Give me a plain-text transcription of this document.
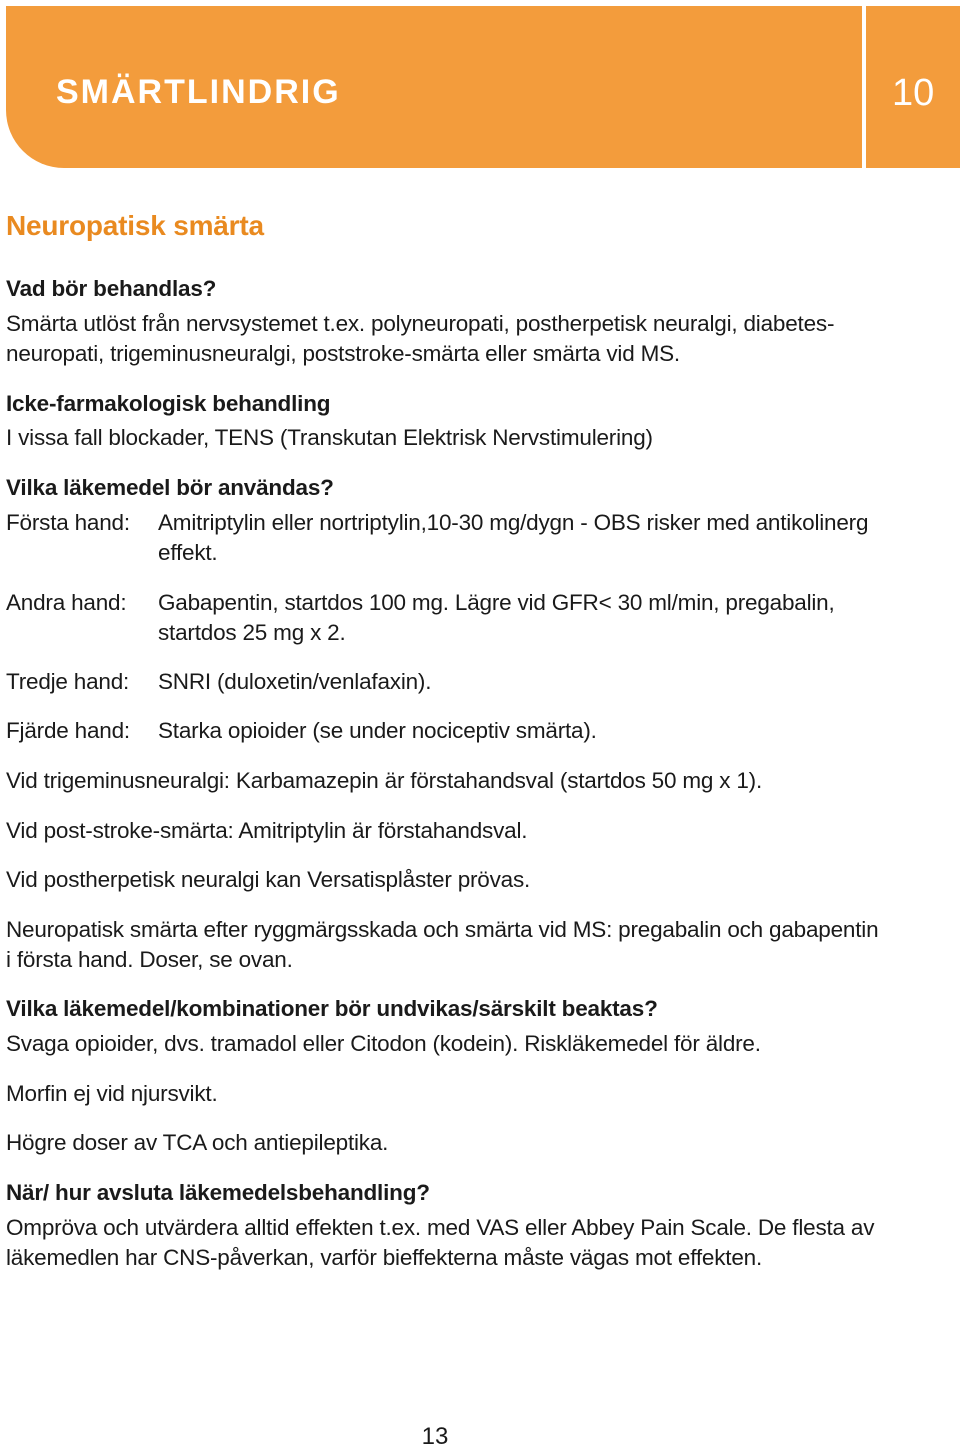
SMÄRTLINDRIG	10
Neuropatisk smärta

Vad bör behandlas?

Smärta utlöst från nervsystemet t.ex. polyneuropati, postherpetisk neuralgi, diabetes-

neuropati, trigeminusneuralgi, poststroke-smärta eller smärta vid MS.

Icke-farmakologisk behandling

I vissa fall blockader, TENS (Transkutan Elektrisk Nervstimulering)

Vilka läkemedel bör användas?

Första hand: Amitriptylin eller nortriptylin,10-30 mg/dygn - OBS risker med antikolinerg
effekt.
Andra hand: Gabapentin, startdos 100 mg. Lägre vid GFR< 30 ml/min, pregabalin,
startdos 25 mg x 2.
Tredje hand: SNRI (duloxetin/venlafaxin).
Fjärde hand: Starka opioider (se under nociceptiv smärta).

Vid trigeminusneuralgi: Karbamazepin är förstahandsval (startdos 50 mg x 1).

Vid post-stroke-smärta: Amitriptylin är förstahandsval.

Vid postherpetisk neuralgi kan Versatisplåster prövas.

Neuropatisk smärta efter ryggmärgsskada och smärta vid MS: pregabalin och gabapentin

i första hand. Doser, se ovan.

Vilka läkemedel/kombinationer bör undvikas/särskilt beaktas?

Svaga opioider, dvs. tramadol eller Citodon (kodein). Riskläkemedel för äldre.

Morfin ej vid njursvikt.

Högre doser av TCA och antiepileptika.

När/ hur avsluta läkemedelsbehandling?

Ompröva och utvärdera alltid effekten t.ex. med VAS eller Abbey Pain Scale. De flesta av

läkemedlen har CNS-påverkan, varför bieffekterna måste vägas mot effekten.

13
